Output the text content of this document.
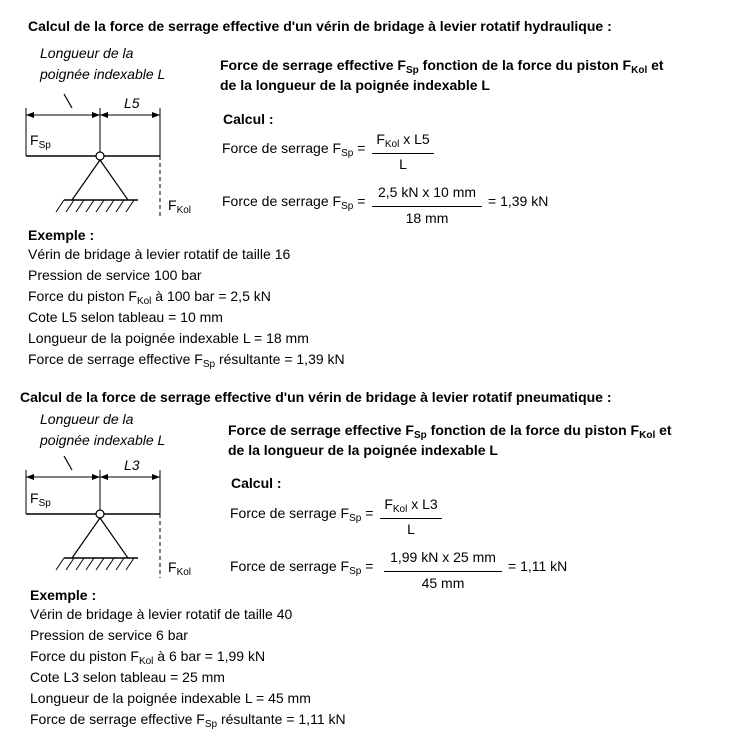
Calcul de la force de serrage effective d'un vérin de bridage à levier rotatif hydraulique :
Longueur de la
poignée indexable L
L5
$F_{Sp}$
$F_{Kol}$
Force de serrage effective $F_{Sp}$ fonction de la force du piston $F_{Kol}$ et
de la longueur de la poignée indexable L
Calcul :
Force de serrage $F_{Sp}$ =
$F_{Kol}$ x L5
L
Force de serrage $F_{Sp}$ =
2,5 kN x 10 mm
18 mm
= 1,39 kN
Exemple :
Vérin de bridage à levier rotatif de taille 16
Pression de service 100 bar
Force du piston $F_{Kol}$ à 100 bar = 2,5 kN
Cote L5 selon tableau = 10 mm
Longueur de la poignée indexable L = 18 mm
Force de serrage effective $F_{Sp}$ résultante = 1,39 kN
Calcul de la force de serrage effective d'un vérin de bridage à levier rotatif pneumatique :
Longueur de la
poignée indexable L
L3
$F_{Sp}$
$F_{Kol}$
Force de serrage effective $F_{Sp}$ fonction de la force du piston $F_{Kol}$ et
de la longueur de la poignée indexable L
Calcul :
Force de serrage $F_{Sp}$ =
$F_{Kol}$ x L3
L
Force de serrage $F_{Sp}$ =
1,99 kN x 25 mm
45 mm
= 1,11 kN
Exemple :
Vérin de bridage à levier rotatif de taille 40
Pression de service 6 bar
Force du piston $F_{Kol}$ à 6 bar = 1,99 kN
Cote L3 selon tableau = 25 mm
Longueur de la poignée indexable L = 45 mm
Force de serrage effective $F_{Sp}$ résultante = 1,11 kN
